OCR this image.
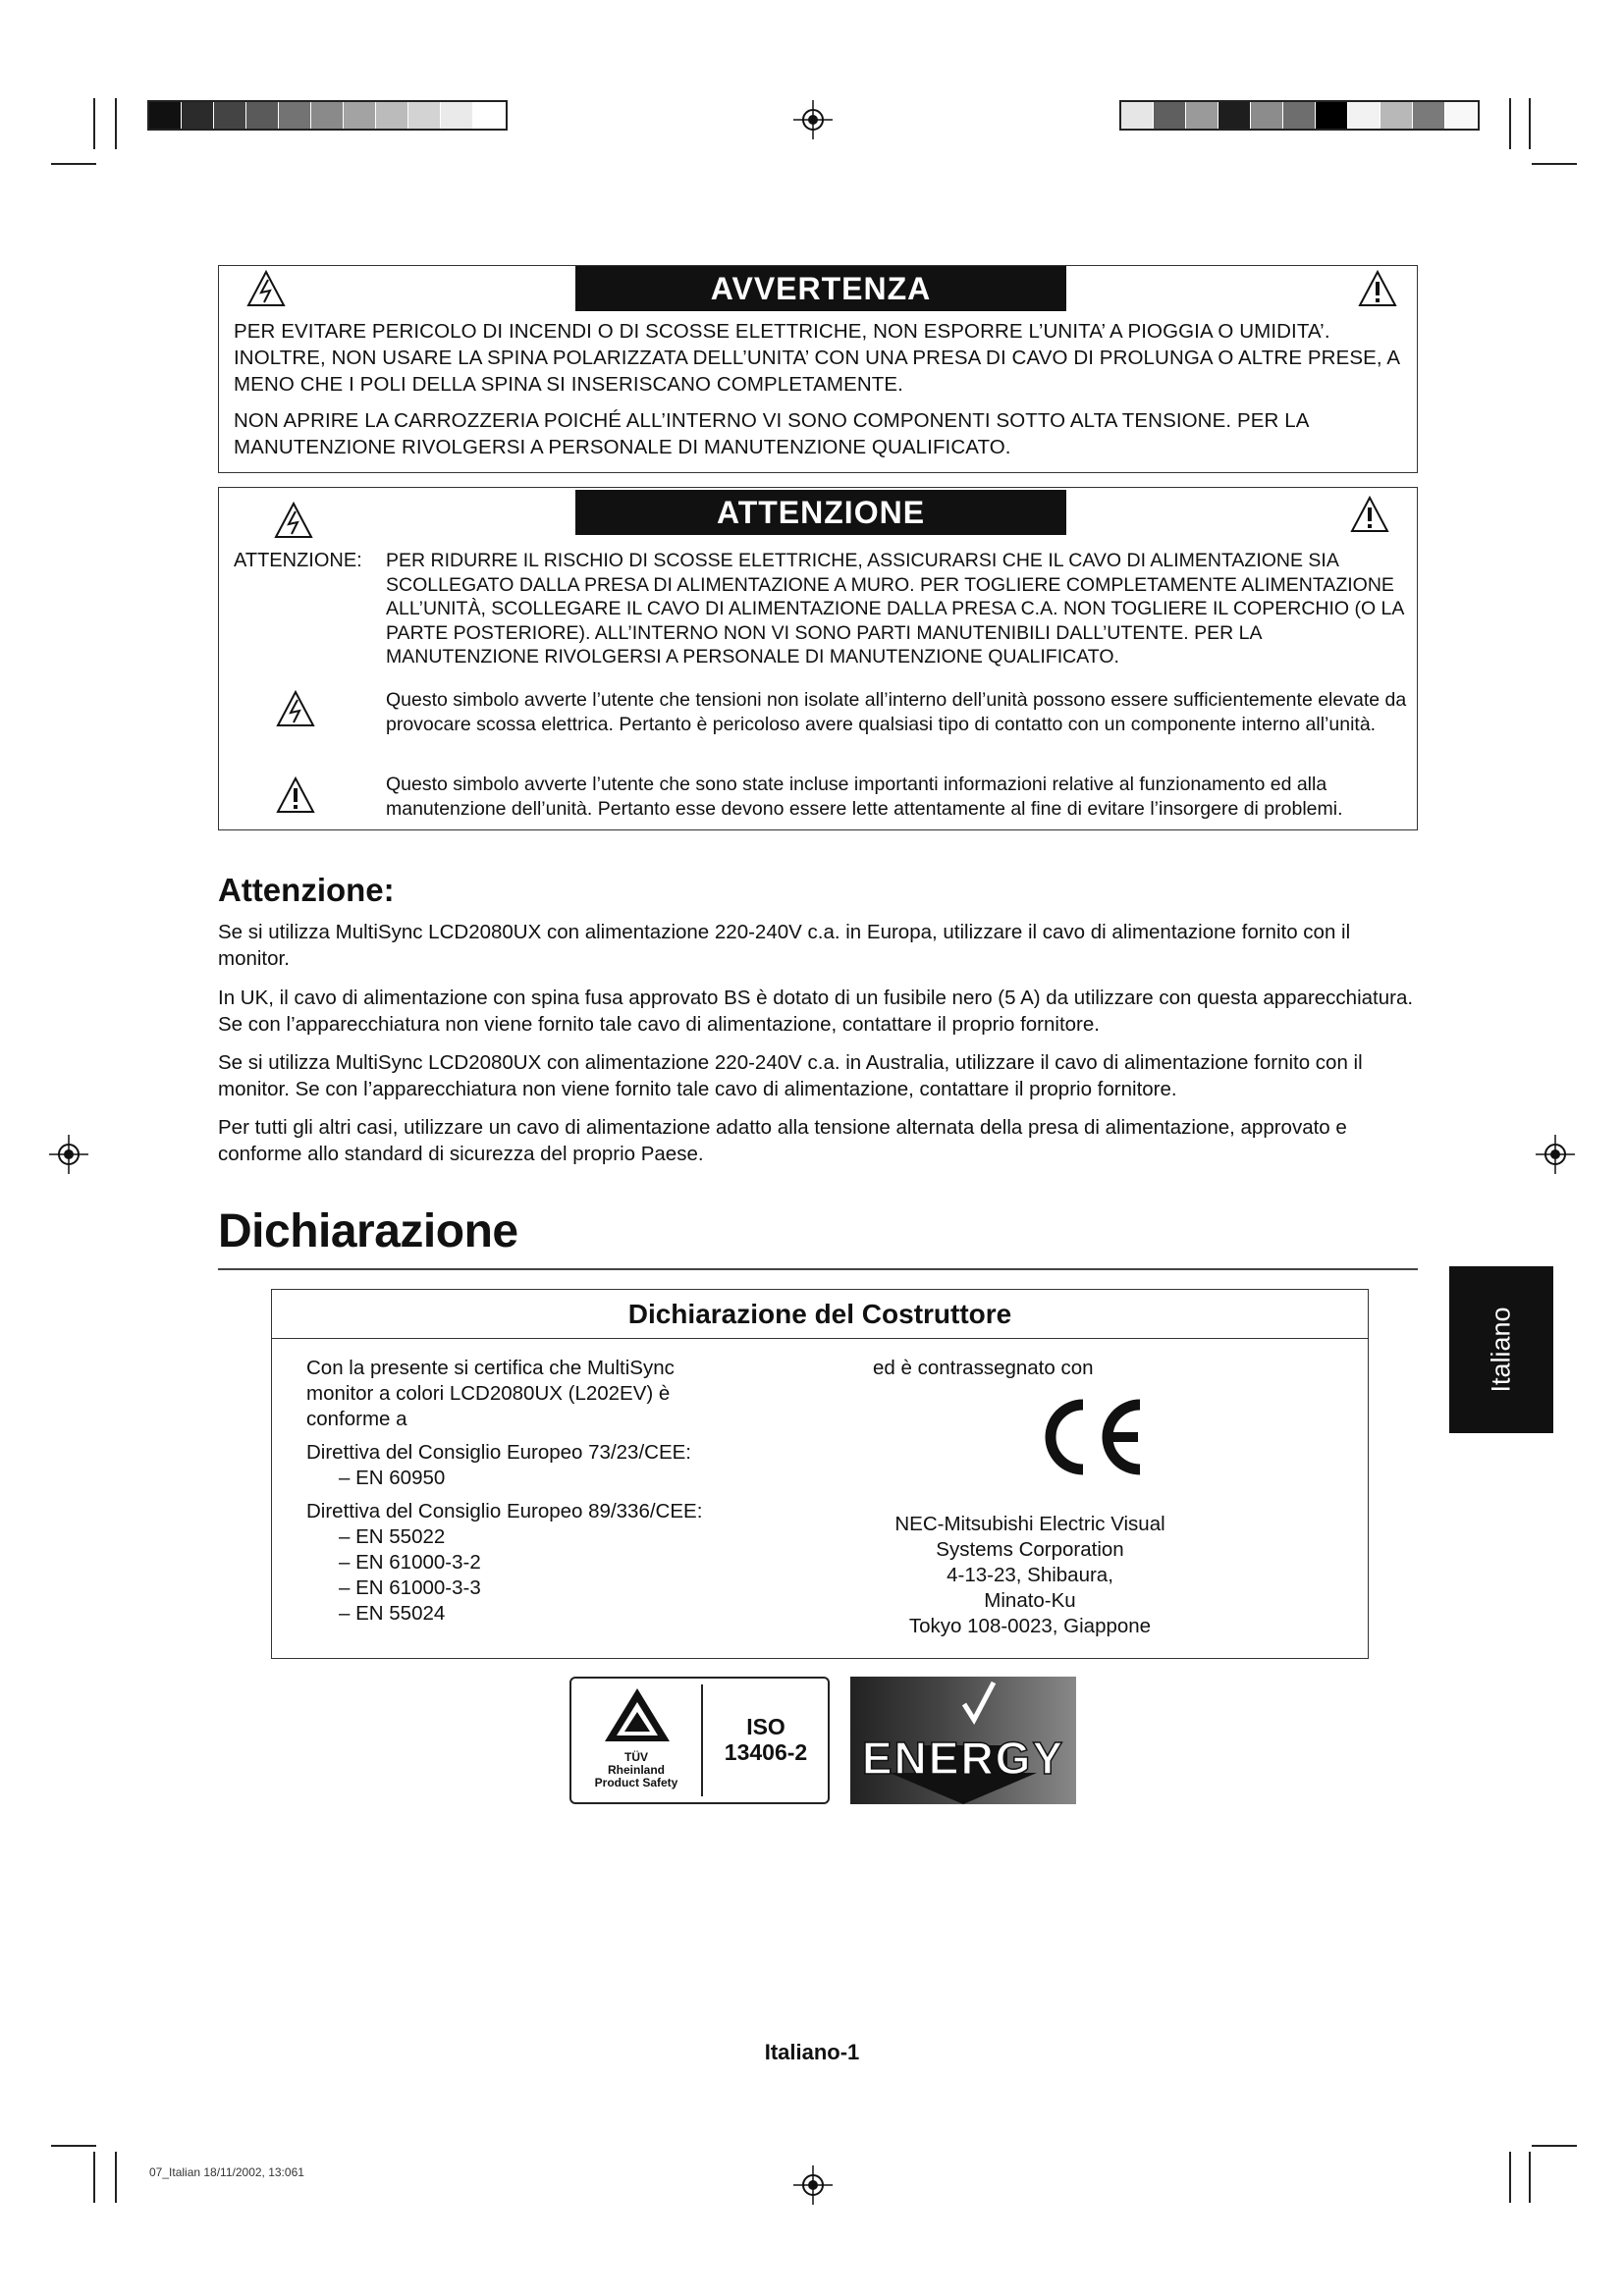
AVVERTENZA
PER EVITARE PERICOLO DI INCENDI O DI SCOSSE ELETTRICHE, NON ESPORRE L’UNITA’ A PIOGGIA O UMIDITA’. INOLTRE, NON USARE LA SPINA POLARIZZATA DELL’UNITA’ CON UNA PRESA DI CAVO DI PROLUNGA O ALTRE PRESE, A MENO CHE I POLI DELLA SPINA SI INSERISCANO COMPLETAMENTE.
NON APRIRE LA CARROZZERIA POICHÉ ALL’INTERNO VI SONO COMPONENTI SOTTO ALTA TENSIONE. PER LA MANUTENZIONE RIVOLGERSI A PERSONALE DI MANUTENZIONE QUALIFICATO.
ATTENZIONE
ATTENZIONE: PER RIDURRE IL RISCHIO DI SCOSSE ELETTRICHE, ASSICURARSI CHE IL CAVO DI ALIMENTAZIONE SIA SCOLLEGATO DALLA PRESA DI ALIMENTAZIONE A MURO. PER TOGLIERE COMPLETAMENTE ALIMENTAZIONE ALL’UNITÀ, SCOLLEGARE IL CAVO DI ALIMENTAZIONE DALLA PRESA C.A. NON TOGLIERE IL COPERCHIO (O LA PARTE POSTERIORE). ALL’INTERNO NON VI SONO PARTI MANUTENIBILI DALL’UTENTE. PER LA MANUTENZIONE RIVOLGERSI A PERSONALE DI MANUTENZIONE QUALIFICATO.
Questo simbolo avverte l’utente che tensioni non isolate all’interno dell’unità possono essere sufficientemente elevate da provocare scossa elettrica. Pertanto è pericoloso avere qualsiasi tipo di contatto con un componente interno all’unità.
Questo simbolo avverte l’utente che sono state incluse importanti informazioni relative al funzionamento ed alla manutenzione dell’unità. Pertanto esse devono essere lette attentamente al fine di evitare l’insorgere di problemi.
Attenzione:

Se si utilizza MultiSync LCD2080UX con alimentazione 220-240V c.a. in Europa, utilizzare il cavo di alimentazione fornito con il monitor.

In UK, il cavo di alimentazione con spina fusa approvato BS è dotato di un fusibile nero (5 A) da utilizzare con questa apparecchiatura. Se con l’apparecchiatura non viene fornito tale cavo di alimentazione, contattare il proprio fornitore.

Se si utilizza MultiSync LCD2080UX con alimentazione 220-240V c.a. in Australia, utilizzare il cavo di alimentazione fornito con il monitor. Se con l’apparecchiatura non viene fornito tale cavo di alimentazione, contattare il proprio fornitore.

Per tutti gli altri casi, utilizzare un cavo di alimentazione adatto alla tensione alternata della presa di alimentazione, approvato e conforme allo standard di sicurezza del proprio Paese.

Dichiarazione
Italiano
Dichiarazione del Costruttore
Con la presente si certifica che MultiSync
monitor a colori LCD2080UX (L202EV) è
conforme a
Direttiva del Consiglio Europeo 73/23/CEE:
– EN 60950
Direttiva del Consiglio Europeo 89/336/CEE:
– EN 55022
– EN 61000-3-2
– EN 61000-3-3
– EN 55024
ed è contrassegnato con
NEC-Mitsubishi Electric Visual
Systems Corporation
4-13-23, Shibaura,
Minato-Ku
Tokyo 108-0023, Giappone
TÜV
Rheinland
Product Safety
ISO
13406-2	ENERGY
Italiano-1
07_Italian 18/11/2002, 13:061
